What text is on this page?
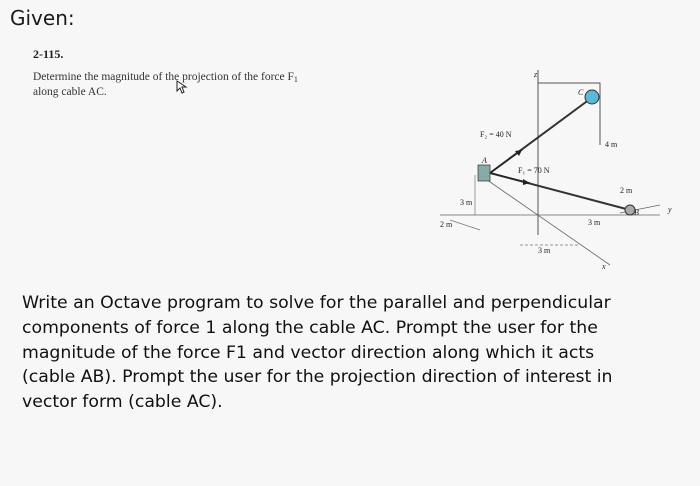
Given:
2-115.
Determine the magnitude of the projection of the force $F_1$
along cable AC.
z
y
x
A
B
C
F₂ = 40 N
F₁ = 70 N
4 m
3 m
2 m
2 m
3 m
3 m
Write an Octave program to solve for the parallel and perpendicular
components of force 1 along the cable AC. Prompt the user for the
magnitude of the force F1 and vector direction along which it acts
(cable AB). Prompt the user for the projection direction of interest in
vector form (cable AC).
